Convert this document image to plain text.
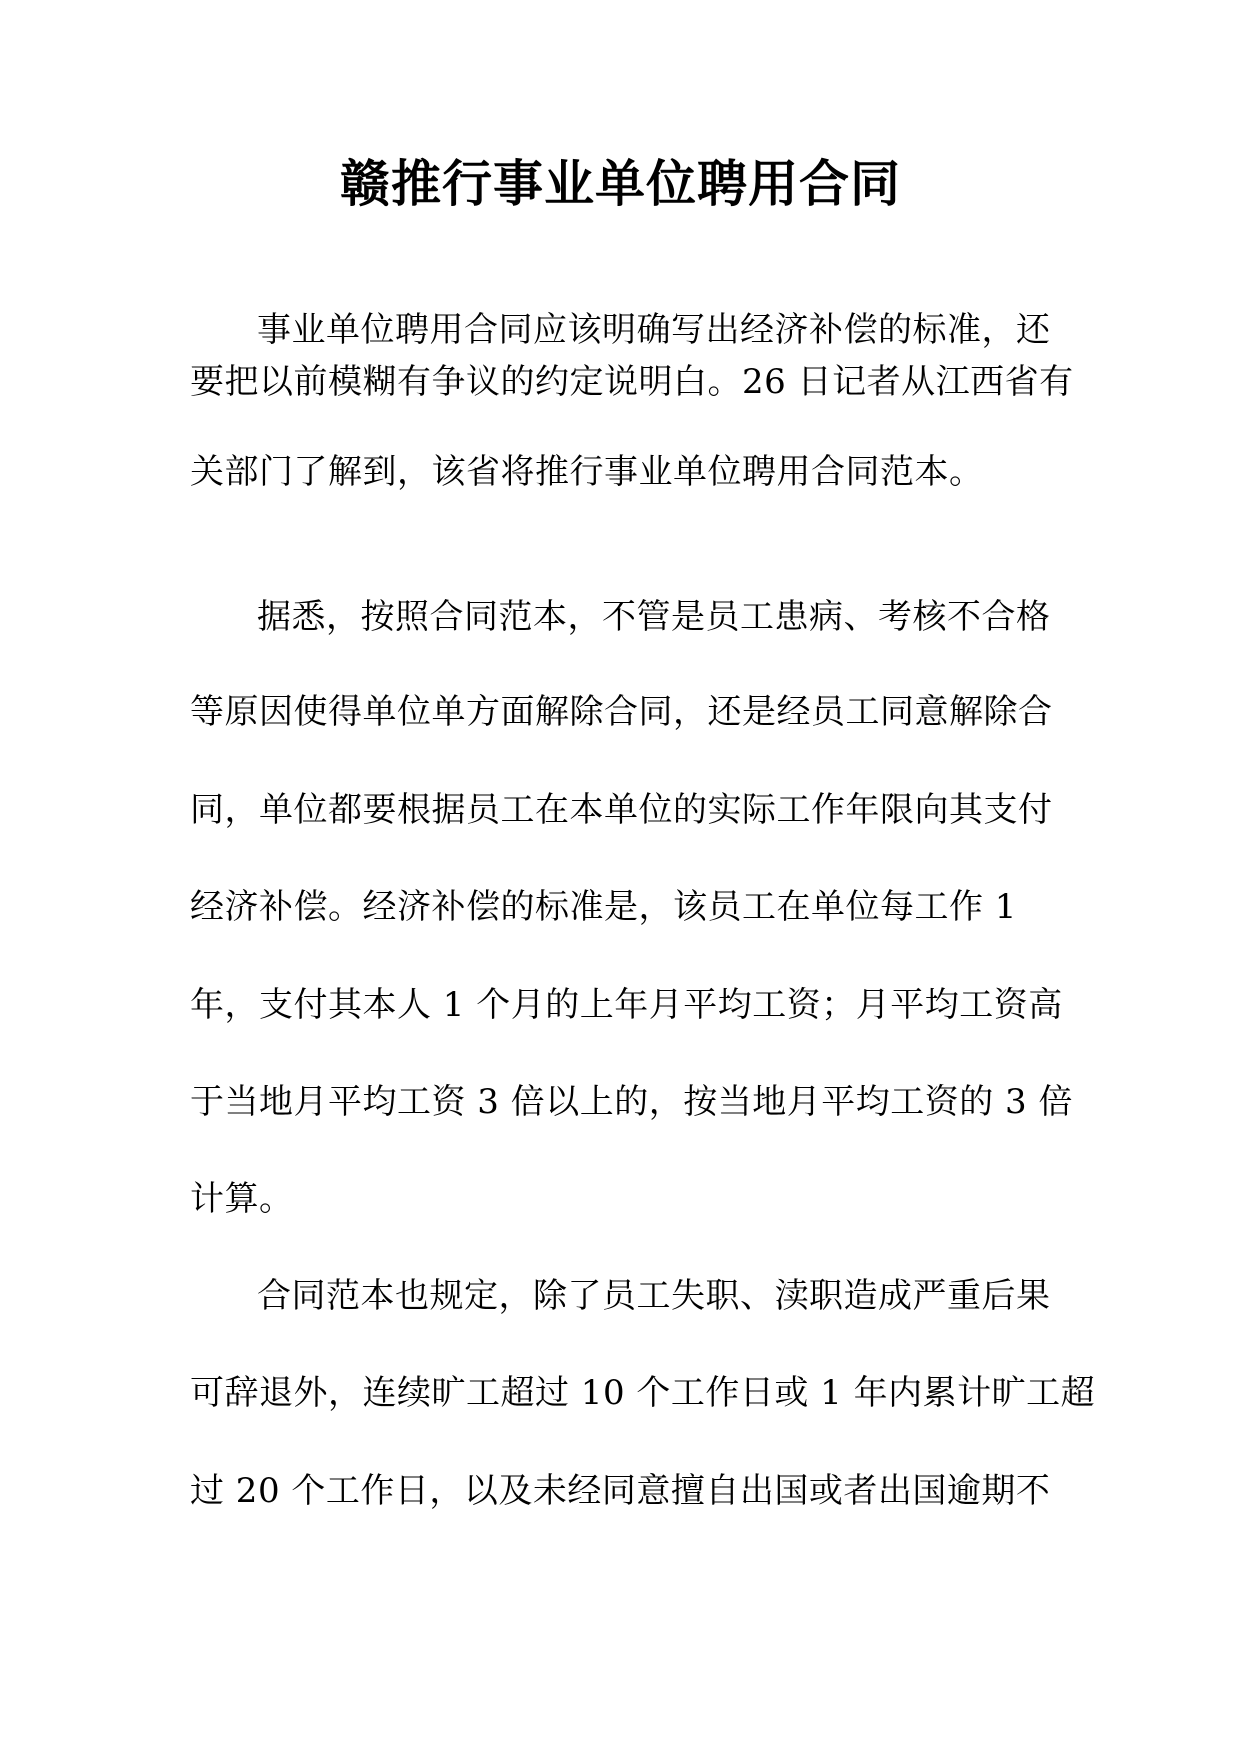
赣推行事业单位聘用合同
事业单位聘用合同应该明确写出经济补偿的标准，还
要把以前模糊有争议的约定说明白。26 日记者从江西省有
关部门了解到，该省将推行事业单位聘用合同范本。
据悉，按照合同范本，不管是员工患病、考核不合格
等原因使得单位单方面解除合同，还是经员工同意解除合
同，单位都要根据员工在本单位的实际工作年限向其支付
经济补偿。经济补偿的标准是，该员工在单位每工作 1
年，支付其本人 1 个月的上年月平均工资；月平均工资高
于当地月平均工资 3 倍以上的，按当地月平均工资的 3 倍
计算。
合同范本也规定，除了员工失职、渎职造成严重后果
可辞退外，连续旷工超过 10 个工作日或 1 年内累计旷工超
过 20 个工作日，以及未经同意擅自出国或者出国逾期不
